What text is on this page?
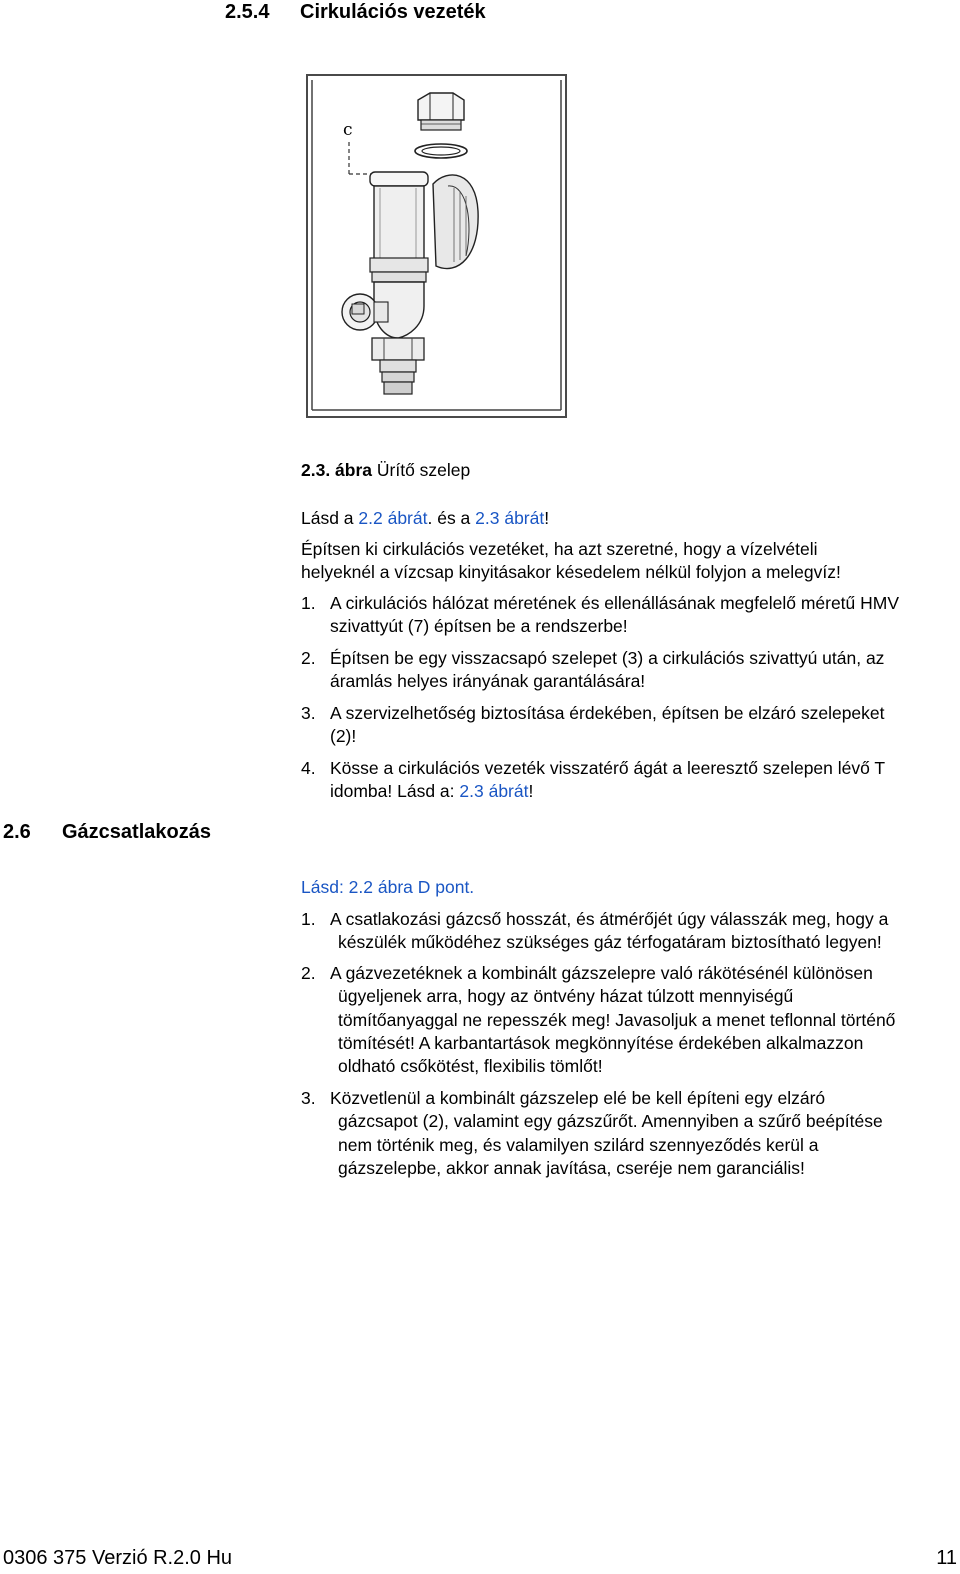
2.5.4 Cirkulációs vezeték
c
2.3. ábra Ürítő szelep
Lásd a 2.2 ábrát. és a 2.3 ábrát!
Építsen ki cirkulációs vezetéket, ha azt szeretné, hogy a vízelvételi
helyeknél a vízcsap kinyitásakor késedelem nélkül folyjon a melegvíz!
1. A cirkulációs hálózat méretének és ellenállásának megfelelő méretű HMV
szivattyút (7) építsen be a rendszerbe!
2. Építsen be egy visszacsapó szelepet (3) a cirkulációs szivattyú után, az
áramlás helyes irányának garantálására!
3. A szervizelhetőség biztosítása érdekében, építsen be elzáró szelepeket
(2)!
4. Kösse a cirkulációs vezeték visszatérő ágát a leeresztő szelepen lévő T
idomba! Lásd a: 2.3 ábrát!
2.6 Gázcsatlakozás
Lásd: 2.2 ábra D pont.
1. A csatlakozási gázcső hosszát, és átmérőjét úgy válasszák meg, hogy a
készülék működéhez szükséges gáz térfogatáram biztosítható legyen!
2. A gázvezetéknek a kombinált gázszelepre való rákötésénél különösen
ügyeljenek arra, hogy az öntvény házat túlzott mennyiségű
tömítőanyaggal ne repesszék meg! Javasoljuk a menet teflonnal történő
tömítését! A karbantartások megkönnyítése érdekében alkalmazzon
oldható csőkötést, flexibilis tömlőt!
3. Közvetlenül a kombinált gázszelep elé be kell építeni egy elzáró
gázcsapot (2), valamint egy gázszűrőt. Amennyiben a szűrő beépítése
nem történik meg, és valamilyen szilárd szennyeződés kerül a
gázszelepbe, akkor annak javítása, cseréje nem garanciális!
0306 375 Verzió R.2.0 Hu	11
